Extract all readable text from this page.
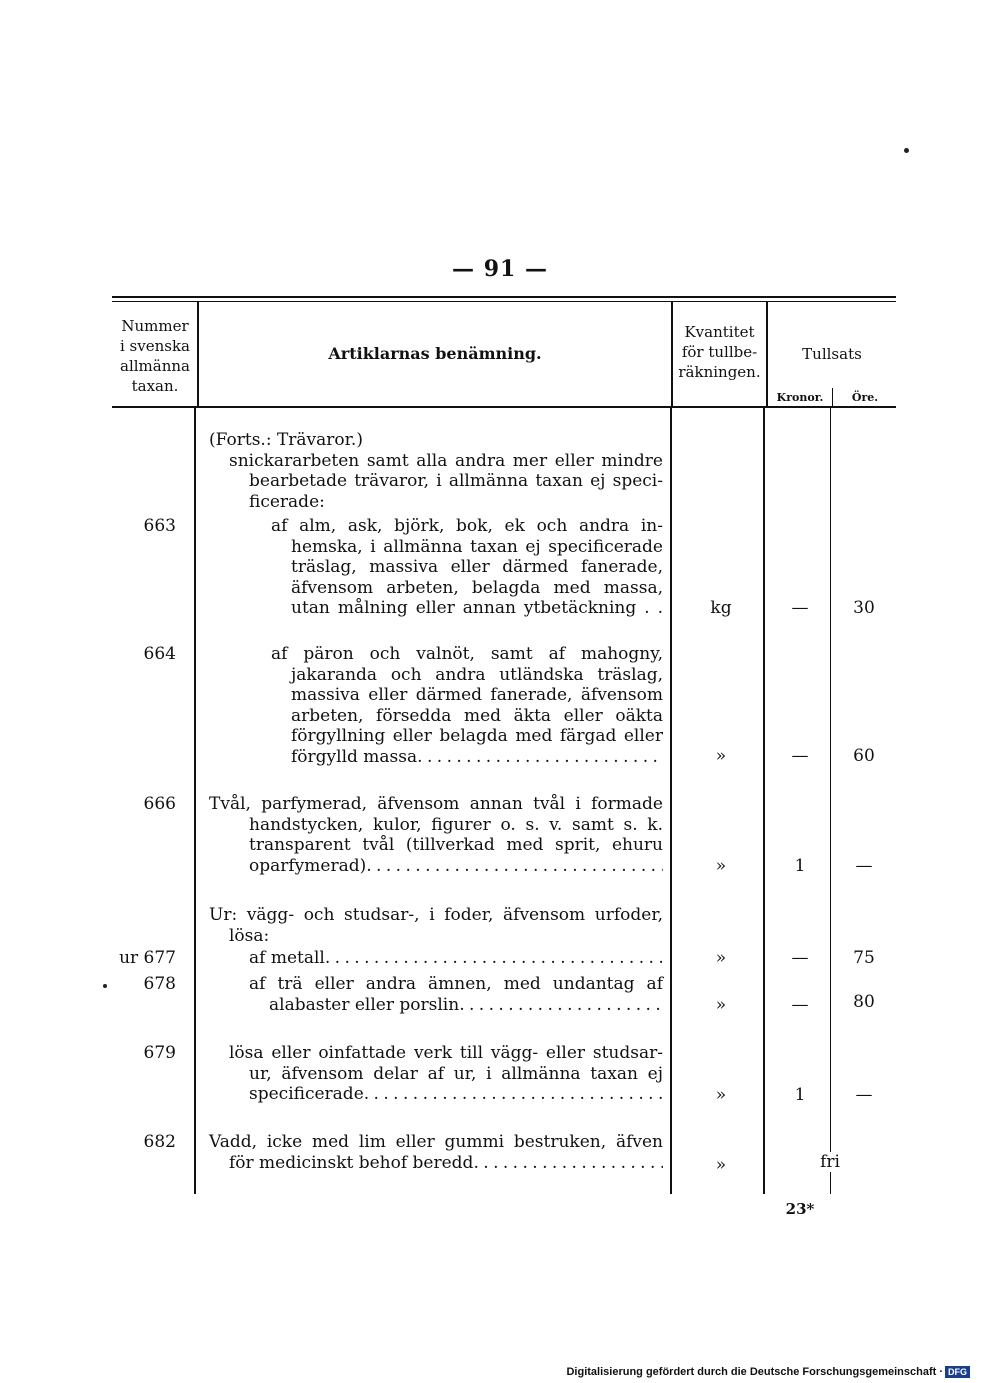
— 91 —
Nummer
i svenska
allmänna
taxan.
Artiklarnas benämning.
Kvantitet
för tullbe-
räkningen.
Tullsats
Kronor.	Öre.
(Forts.: Trävaror.)
snickararbeten samt alla andra mer eller mindre
bearbetade trävaror, i allmänna taxan ej speci-
ficerade:
663	af alm, ask, björk, bok, ek och andra in-
hemska, i allmänna taxan ej specificerade
träslag, massiva eller därmed fanerade,
äfvensom arbeten, belagda med massa,
utan målning eller annan ytbetäckning . .	kg	—	30
664	af päron och valnöt, samt af mahogny,
jakaranda och andra utländska träslag,
massiva eller därmed fanerade, äfvensom
arbeten, försedda med äkta eller oäkta
förgyllning eller belagda med färgad eller
förgylld massa . . .	»	—	60
666 Tvål, parfymerad, äfvensom annan tvål i formade
handstycken, kulor, figurer o. s. v. samt s. k.
transparent tvål (tillverkad med sprit, ehuru
oparfymerad) . . .	»	1	—
Ur: vägg- och studsar-, i foder, äfvensom urfoder,
lösa:
ur 677	af metall . . .	»	—	75
678	af trä eller andra ämnen, med undantag af
alabaster eller porslin . . .	»	—	80
679	lösa eller oinfattade verk till vägg- eller studsar-
ur, äfvensom delar af ur, i allmänna taxan ej
specificerade . . .	»	1	—
682 Vadd, icke med lim eller gummi bestruken, äfven
för medicinskt behof beredd . . .	»	fri
23*
Digitalisierung gefördert durch die Deutsche Forschungsgemeinschaft · DFG
